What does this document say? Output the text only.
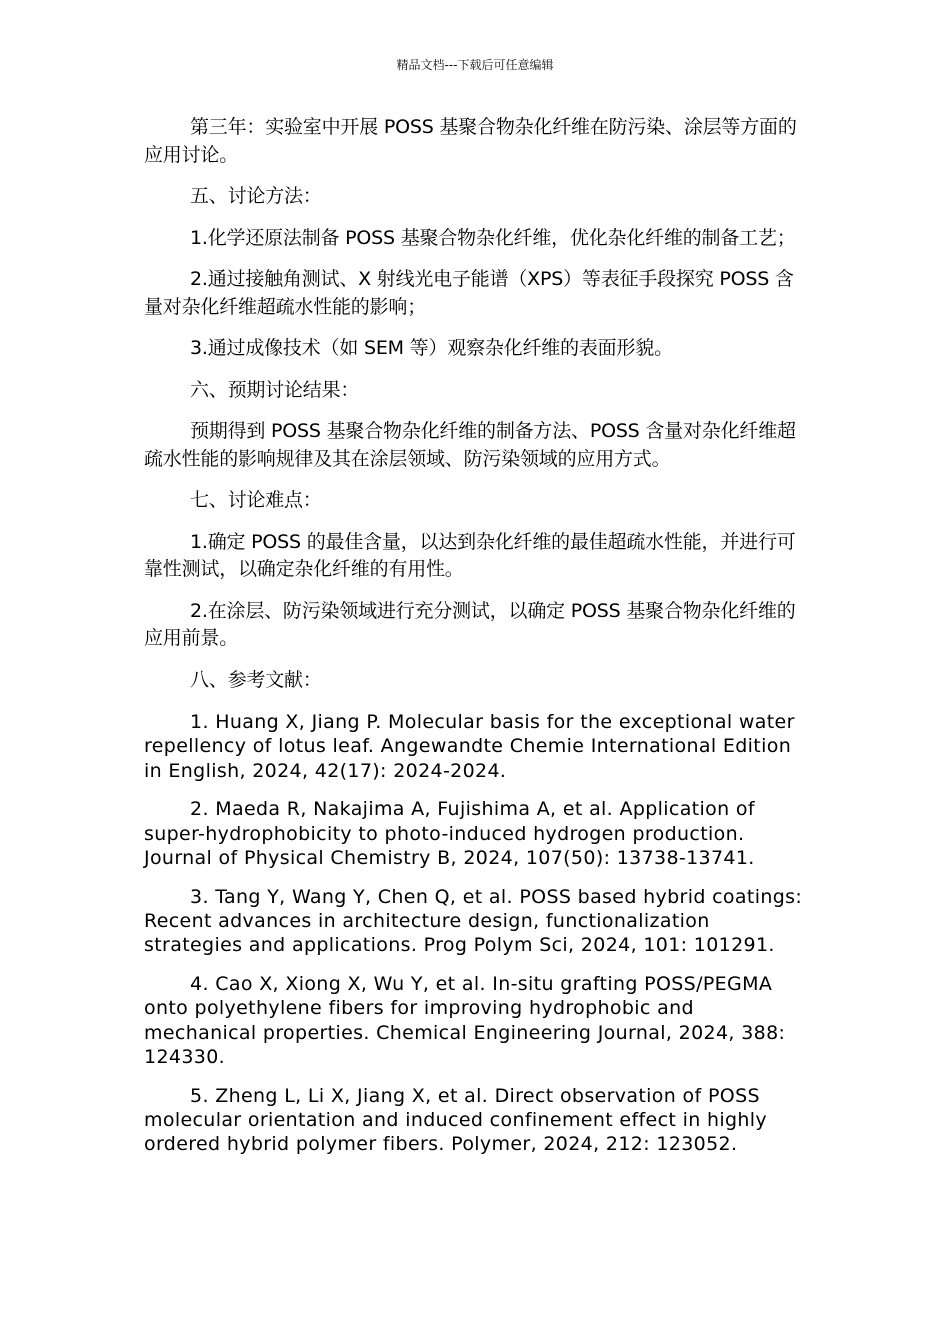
精品文档---下载后可任意编辑

第三年：实验室中开展 POSS 基聚合物杂化纤维在防污染、涂层等方面的应用讨论。

五、讨论方法：

1.化学还原法制备 POSS 基聚合物杂化纤维，优化杂化纤维的制备工艺；

2.通过接触角测试、X 射线光电子能谱（XPS）等表征手段探究 POSS 含量对杂化纤维超疏水性能的影响；

3.通过成像技术（如 SEM 等）观察杂化纤维的表面形貌。

六、预期讨论结果：

预期得到 POSS 基聚合物杂化纤维的制备方法、POSS 含量对杂化纤维超疏水性能的影响规律及其在涂层领域、防污染领域的应用方式。

七、讨论难点：

1.确定 POSS 的最佳含量，以达到杂化纤维的最佳超疏水性能，并进行可靠性测试，以确定杂化纤维的有用性。

2.在涂层、防污染领域进行充分测试，以确定 POSS 基聚合物杂化纤维的应用前景。

八、参考文献：

1. Huang X, Jiang P. Molecular basis for the exceptional water repellency of lotus leaf. Angewandte Chemie International Edition in English, 2024, 42(17): 2024-2024.

2. Maeda R, Nakajima A, Fujishima A, et al. Application of super-hydrophobicity to photo-induced hydrogen production. Journal of Physical Chemistry B, 2024, 107(50): 13738-13741.

3. Tang Y, Wang Y, Chen Q, et al. POSS based hybrid coatings: Recent advances in architecture design, functionalization strategies and applications. Prog Polym Sci, 2024, 101: 101291.

4. Cao X, Xiong X, Wu Y, et al. In-situ grafting POSS/PEGMA onto polyethylene fibers for improving hydrophobic and mechanical properties. Chemical Engineering Journal, 2024, 388: 124330.

5. Zheng L, Li X, Jiang X, et al. Direct observation of POSS molecular orientation and induced confinement effect in highly ordered hybrid polymer fibers. Polymer, 2024, 212: 123052.
